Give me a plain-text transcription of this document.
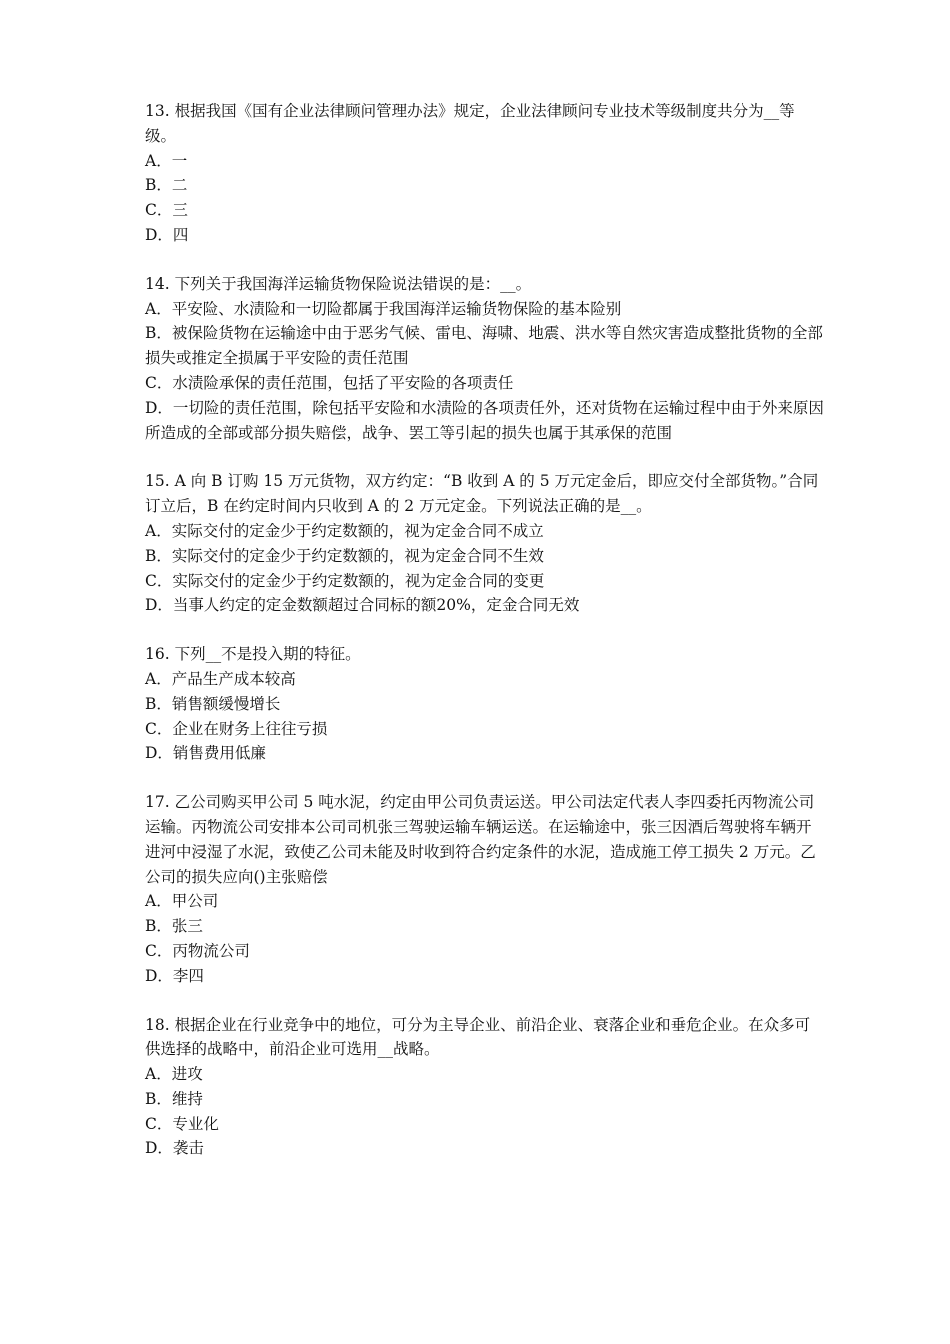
13. 根据我国《国有企业法律顾问管理办法》规定，企业法律顾问专业技术等级制度共分为__等级。

A．一
B．二
C．三
D．四

14. 下列关于我国海洋运输货物保险说法错误的是：__。

A．平安险、水渍险和一切险都属于我国海洋运输货物保险的基本险别
B．被保险货物在运输途中由于恶劣气候、雷电、海啸、地震、洪水等自然灾害造成整批货物的全部损失或推定全损属于平安险的责任范围
C．水渍险承保的责任范围，包括了平安险的各项责任
D．一切险的责任范围，除包括平安险和水渍险的各项责任外，还对货物在运输过程中由于外来原因所造成的全部或部分损失赔偿，战争、罢工等引起的损失也属于其承保的范围

15. A 向 B 订购 15 万元货物，双方约定：“B 收到 A 的 5 万元定金后，即应交付全部货物。”合同订立后，B 在约定时间内只收到 A 的 2 万元定金。下列说法正确的是__。

A．实际交付的定金少于约定数额的，视为定金合同不成立
B．实际交付的定金少于约定数额的，视为定金合同不生效
C．实际交付的定金少于约定数额的，视为定金合同的变更
D．当事人约定的定金数额超过合同标的额20%，定金合同无效

16. 下列__不是投入期的特征。

A．产品生产成本较高
B．销售额缓慢增长
C．企业在财务上往往亏损
D．销售费用低廉

17. 乙公司购买甲公司 5 吨水泥，约定由甲公司负责运送。甲公司法定代表人李四委托丙物流公司运输。丙物流公司安排本公司司机张三驾驶运输车辆运送。在运输途中，张三因酒后驾驶将车辆开进河中浸湿了水泥，致使乙公司未能及时收到符合约定条件的水泥，造成施工停工损失 2 万元。乙公司的损失应向()主张赔偿

A．甲公司
B．张三
C．丙物流公司
D．李四

18. 根据企业在行业竞争中的地位，可分为主导企业、前沿企业、衰落企业和垂危企业。在众多可供选择的战略中，前沿企业可选用__战略。

A．进攻
B．维持
C．专业化
D．袭击
